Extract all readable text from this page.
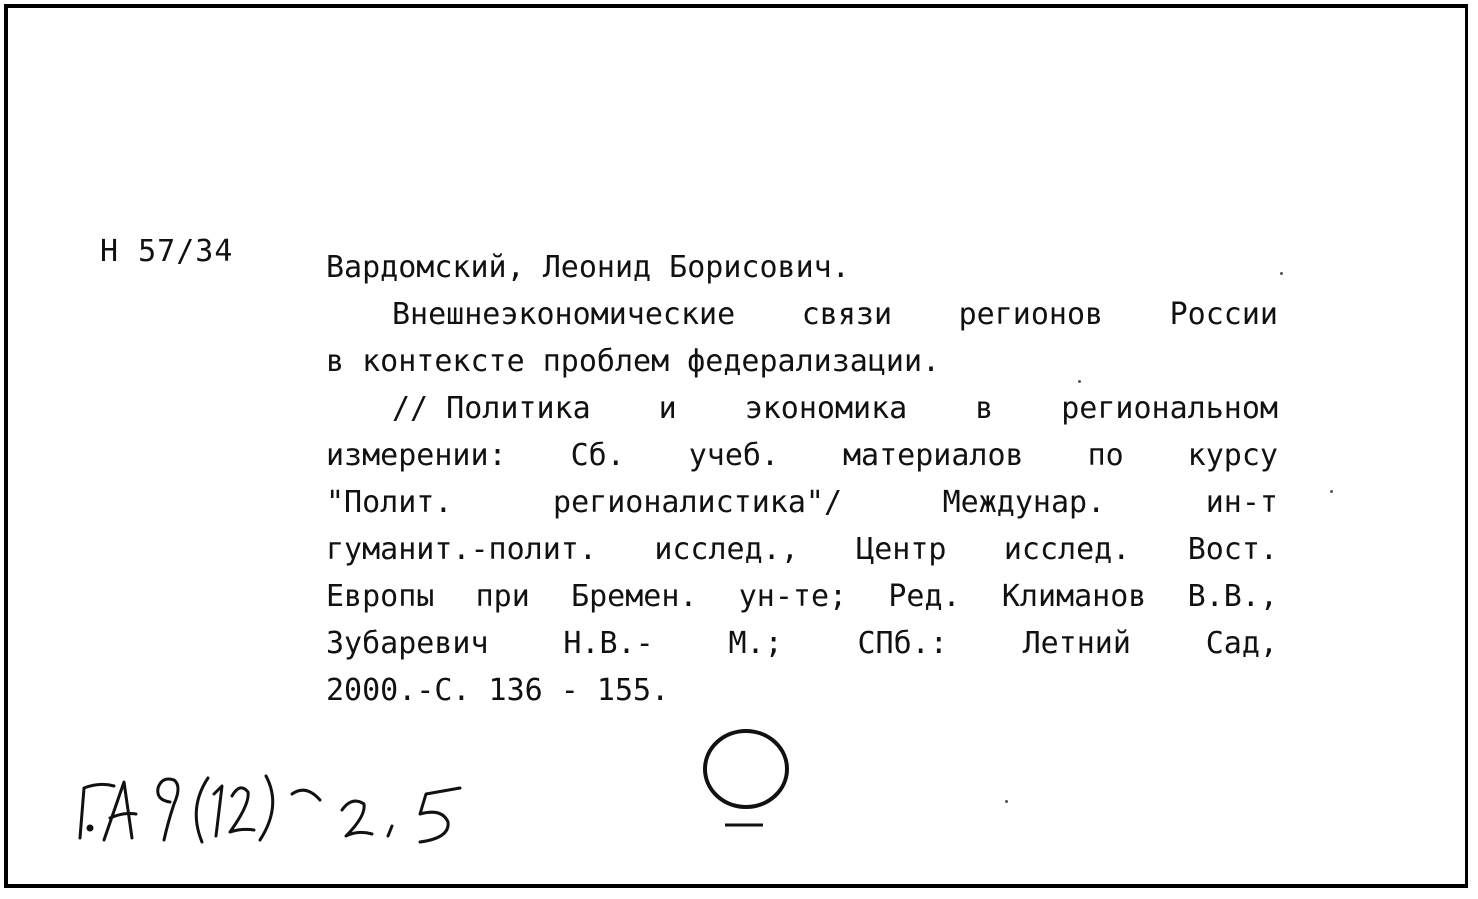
Н 57/34	Вардомский, Леонид Борисович.
Внешнеэкономические связи регионов России
в контексте проблем федерализации.
// Политика и экономика в региональном
измерении: Сб. учеб. материалов по курсу
"Полит.	регионалистика"/	Междунар.	ин-т
гуманит.-полит. исслед., Центр исслед. Вост.
Европы при Бремен. ун-те; Ред. Климанов В.В.,
Зубаревич Н.В.- М.; СПб.: Летний Сад,
2000.-С. 136 - 155.
